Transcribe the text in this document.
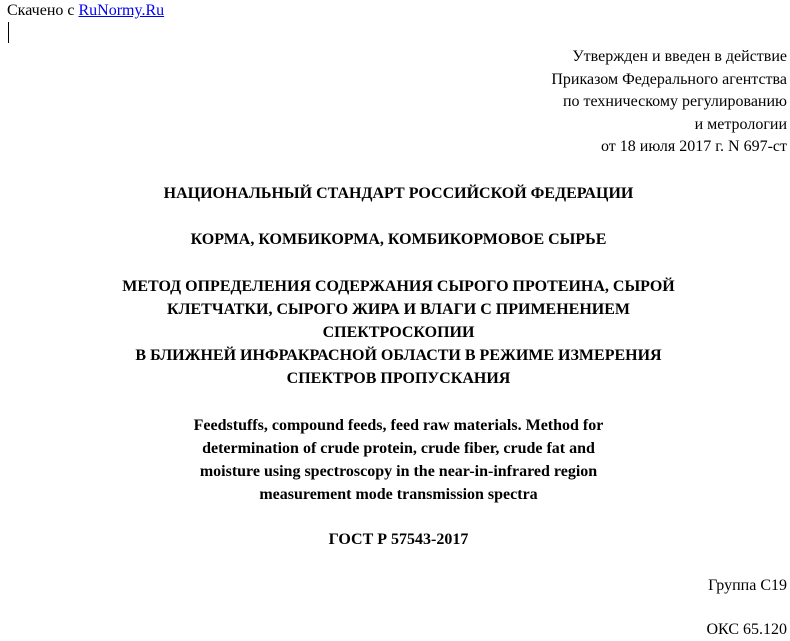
Скачено с RuNormy.Ru
Утвержден и введен в действие
Приказом Федерального агентства
по техническому регулированию
и метрологии
от 18 июля 2017 г. N 697-ст
НАЦИОНАЛЬНЫЙ СТАНДАРТ РОССИЙСКОЙ ФЕДЕРАЦИИ
КОРМА, КОМБИКОРМА, КОМБИКОРМОВОЕ СЫРЬЕ
МЕТОД ОПРЕДЕЛЕНИЯ СОДЕРЖАНИЯ СЫРОГО ПРОТЕИНА, СЫРОЙ
КЛЕТЧАТКИ, СЫРОГО ЖИРА И ВЛАГИ С ПРИМЕНЕНИЕМ
СПЕКТРОСКОПИИ
В БЛИЖНЕЙ ИНФРАКРАСНОЙ ОБЛАСТИ В РЕЖИМЕ ИЗМЕРЕНИЯ
СПЕКТРОВ ПРОПУСКАНИЯ
Feedstuffs, compound feeds, feed raw materials. Method for
determination of crude protein, crude fiber, crude fat and
moisture using spectroscopy in the near-in-infrared region
measurement mode transmission spectra
ГОСТ Р 57543-2017
Группа С19
ОКС 65.120
